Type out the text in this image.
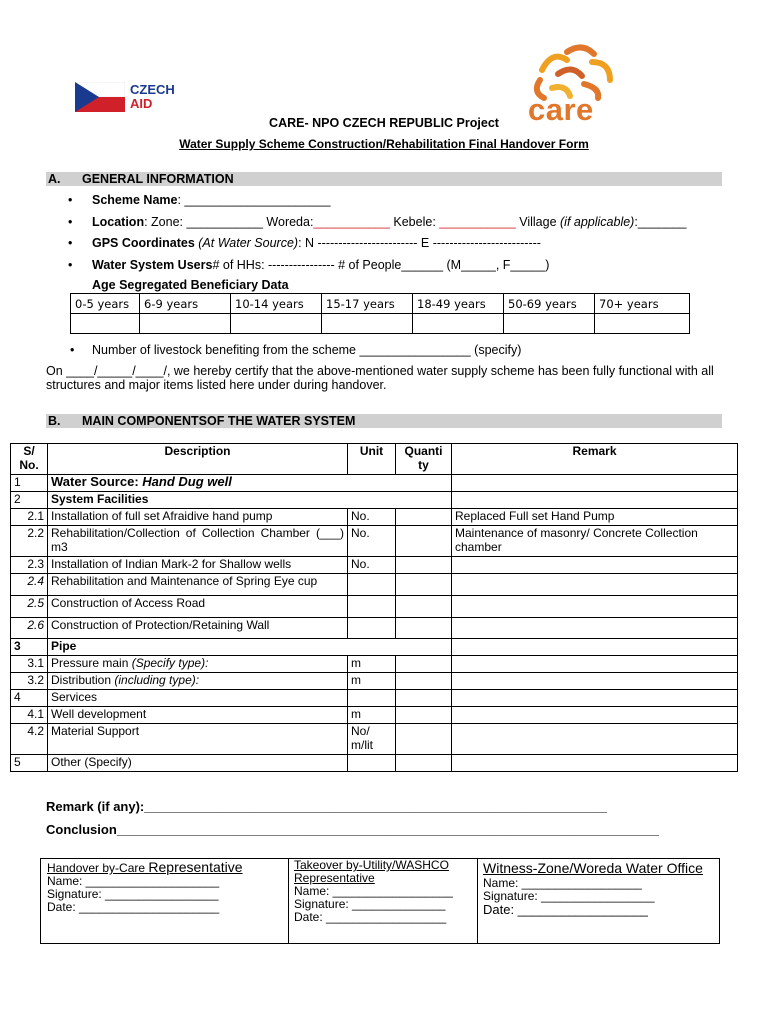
CZECH
AID	care
CARE- NPO CZECH REPUBLIC Project
Water Supply Scheme Construction/Rehabilitation Final Handover Form
A. GENERAL INFORMATION
• Scheme Name: _____________________
• Location: Zone: ___________ Woreda:___________ Kebele: ___________ Village (if applicable):_______
• GPS Coordinates (At Water Source): N ------------------------ E --------------------------
• Water System Users# of HHs: ---------------- # of People______ (M_____, F_____)
Age Segregated Beneficiary Data
0-5 years	6-9 years	10-14 years	15-17 years	18-49 years	50-69 years	70+ years

• Number of livestock benefiting from the scheme ________________ (specify)
On ____/_____/____/, we hereby certify that the above-mentioned water supply scheme has been fully functional with all structures and major items listed here under during handover.
B. MAIN COMPONENTSOF THE WATER SYSTEM
S/ No.	Description	Unit	Quanti ty	Remark
1	Water Source: Hand Dug well			
2	System Facilities			
2.1	Installation of full set Afraidive hand pump	No.		Replaced Full set Hand Pump
2.2	Rehabilitation/Collection of Collection Chamber (___) m3	No.		Maintenance of masonry/ Concrete Collection chamber
2.3	Installation of Indian Mark-2 for Shallow wells	No.		
2.4	Rehabilitation and Maintenance of Spring Eye cup			
2.5	Construction of Access Road			
2.6	Construction of Protection/Retaining Wall			
3	Pipe			
3.1	Pressure main (Specify type):	m		
3.2	Distribution (including type):	m		
4	Services			
4.1	Well development	m		
4.2	Material Support	No/ m/lit		
5	Other (Specify)			
Remark (if any):________________________________________________________________
Conclusion___________________________________________________________________________
Handover by-Care Representative
Name: ____________________
Signature: _________________
Date: _____________________
Takeover by-Utility/WASHCO Representative
Name: __________________
Signature: ______________
Date: __________________
Witness-Zone/Woreda Water Office
Name: __________________
Signature: _________________
Date: __________________
